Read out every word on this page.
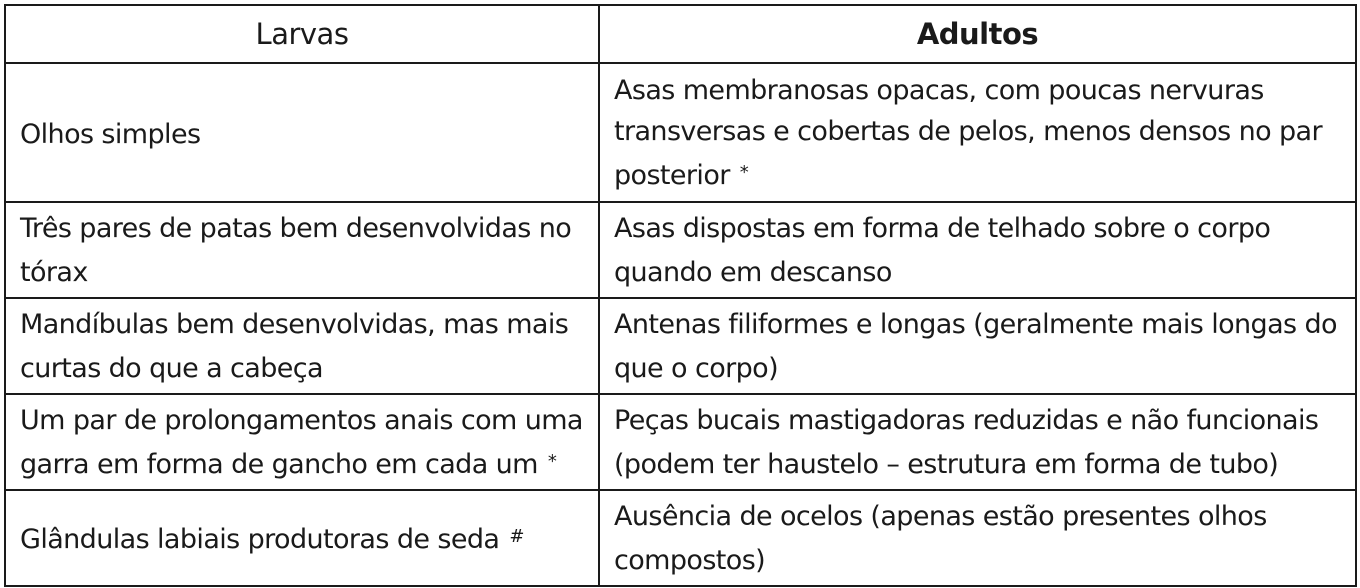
Larvas	Adultos
Olhos simples	Asas membranosas opacas, com poucas nervuras transversas e cobertas de pelos, menos densos no par posterior *
Três pares de patas bem desenvolvidas no tórax	Asas dispostas em forma de telhado sobre o corpo quando em descanso
Mandíbulas bem desenvolvidas, mas mais curtas do que a cabeça	Antenas filiformes e longas (geralmente mais longas do que o corpo)
Um par de prolongamentos anais com uma garra em forma de gancho em cada um *	Peças bucais mastigadoras reduzidas e não funcionais (podem ter haustelo – estrutura em forma de tubo)
Glândulas labiais produtoras de seda #	Ausência de ocelos (apenas estão presentes olhos compostos)
